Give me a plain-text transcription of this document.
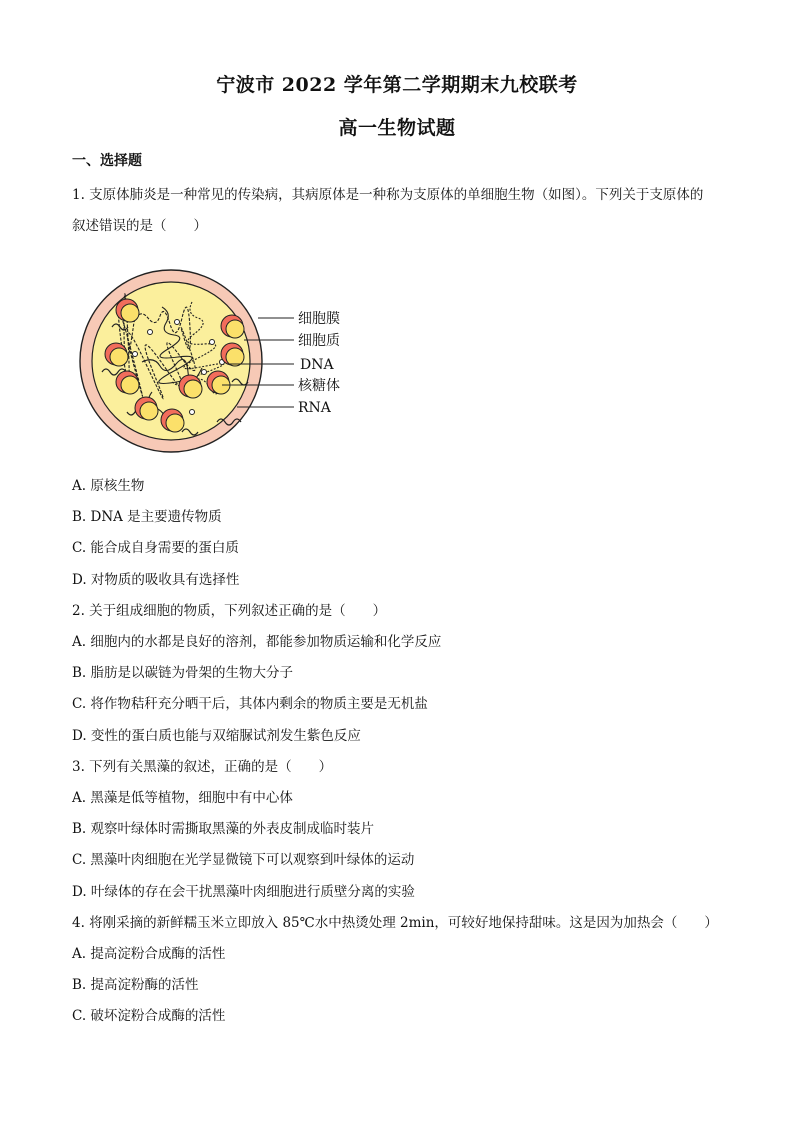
宁波市 2022 学年第二学期期末九校联考
高一生物试题
一、选择题
1. 支原体肺炎是一种常见的传染病，其病原体是一种称为支原体的单细胞生物（如图）。下列关于支原体的
叙述错误的是（　　）
细胞膜
细胞质
DNA
核糖体
RNA
A. 原核生物
B. DNA 是主要遗传物质
C. 能合成自身需要的蛋白质
D. 对物质的吸收具有选择性
2. 关于组成细胞的物质，下列叙述正确的是（　　）
A. 细胞内的水都是良好的溶剂，都能参加物质运输和化学反应
B. 脂肪是以碳链为骨架的生物大分子
C. 将作物秸秆充分晒干后，其体内剩余的物质主要是无机盐
D. 变性的蛋白质也能与双缩脲试剂发生紫色反应
3. 下列有关黑藻的叙述，正确的是（　　）
A. 黑藻是低等植物，细胞中有中心体
B. 观察叶绿体时需撕取黑藻的外表皮制成临时装片
C. 黑藻叶肉细胞在光学显微镜下可以观察到叶绿体的运动
D. 叶绿体的存在会干扰黑藻叶肉细胞进行质壁分离的实验
4. 将刚采摘的新鲜糯玉米立即放入 85℃水中热烫处理 2min，可较好地保持甜味。这是因为加热会（　　）
A. 提高淀粉合成酶的活性
B. 提高淀粉酶的活性
C. 破坏淀粉合成酶的活性
